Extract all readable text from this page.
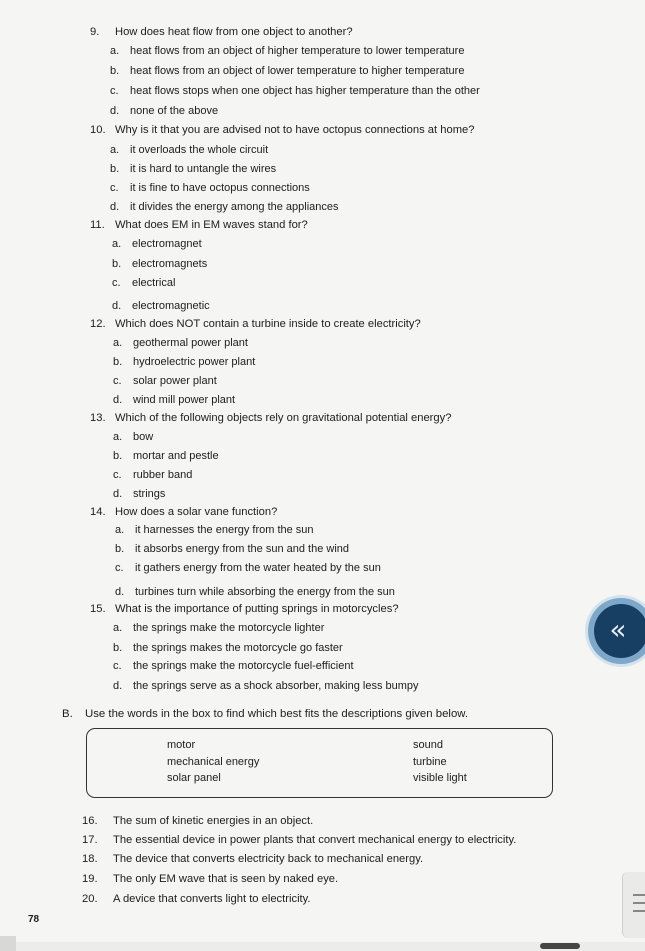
9. How does heat flow from one object to another?
a. heat flows from an object of higher temperature to lower temperature
b. heat flows from an object of lower temperature to higher temperature
c. heat flows stops when one object has higher temperature than the other
d. none of the above
10. Why is it that you are advised not to have octopus connections at home?
a. it overloads the whole circuit
b. it is hard to untangle the wires
c. it is fine to have octopus connections
d. it divides the energy among the appliances
11. What does EM in EM waves stand for?
a. electromagnet
b. electromagnets
c. electrical
d. electromagnetic
12. Which does NOT contain a turbine inside to create electricity?
a. geothermal power plant
b. hydroelectric power plant
c. solar power plant
d. wind mill power plant
13. Which of the following objects rely on gravitational potential energy?
a. bow
b. mortar and pestle
c. rubber band
d. strings
14. How does a solar vane function?
a. it harnesses the energy from the sun
b. it absorbs energy from the sun and the wind
c. it gathers energy from the water heated by the sun
d. turbines turn while absorbing the energy from the sun
15. What is the importance of putting springs in motorcycles?
a. the springs make the motorcycle lighter
b. the springs makes the motorcycle go faster
c. the springs make the motorcycle fuel-efficient
d. the springs serve as a shock absorber, making less bumpy
B. Use the words in the box to find which best fits the descriptions given below.
motor
mechanical energy
solar panel
sound
turbine
visible light
16. The sum of kinetic energies in an object.
17. The essential device in power plants that convert mechanical energy to electricity.
18. The device that converts electricity back to mechanical energy.
19. The only EM wave that is seen by naked eye.
20. A device that converts light to electricity.
78
«
